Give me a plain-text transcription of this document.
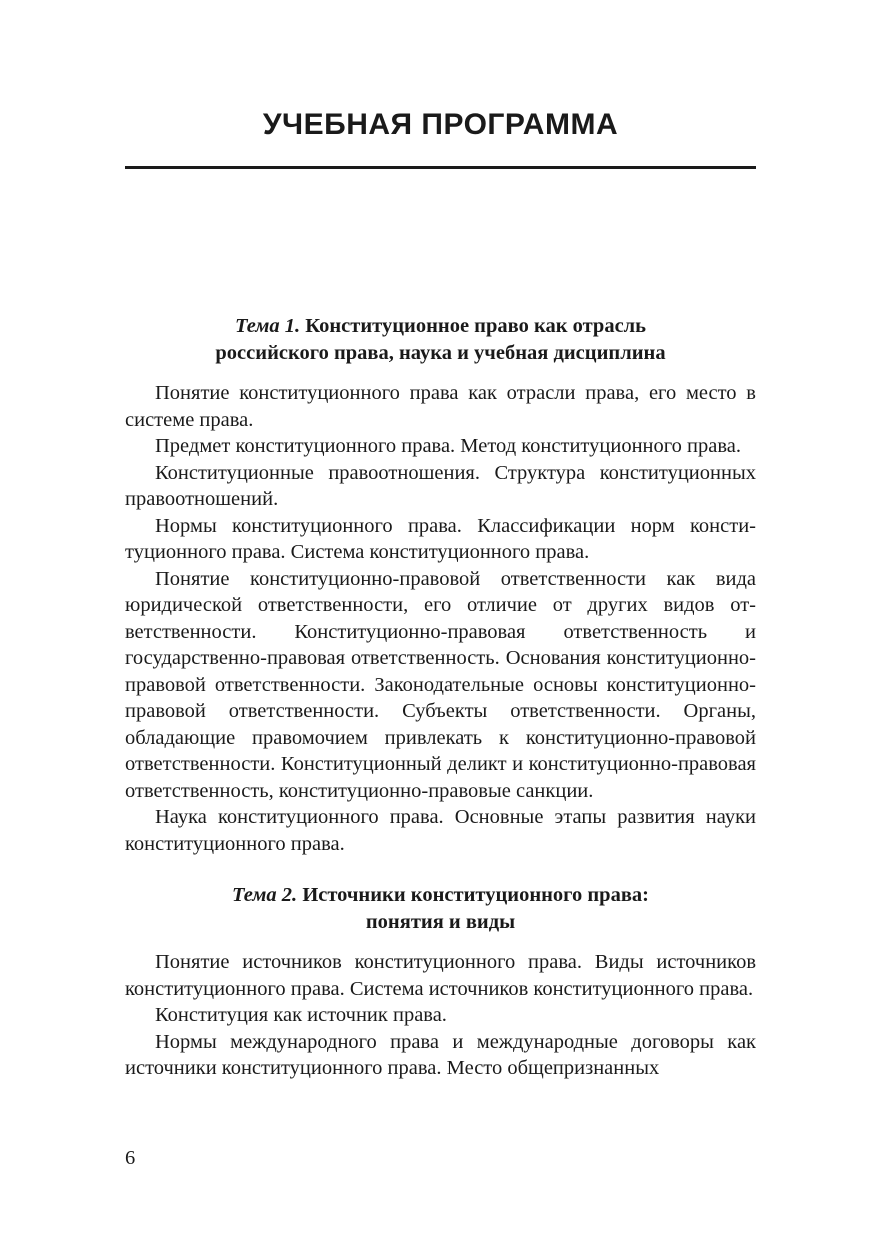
УЧЕБНАЯ ПРОГРАММА
Тема 1. Конституционное право как отрасль
российского права, наука и учебная дисциплина

Понятие конституционного права как отрасли права, его место в системе права.

Предмет конституционного права. Метод конституционного права.

Конституционные правоотношения. Структура конституционных правоотношений.

Нормы конституционного права. Классификации норм конституционного права. Система конституционного права.

Понятие конституционно-правовой ответственности как вида юридической ответственности, его отличие от других видов ответственности. Конституционно-правовая ответственность и государственно-правовая ответственность. Основания конституционно-правовой ответственности. Законодательные основы конституционно-правовой ответственности. Субъекты ответственности. Органы, обладающие правомочием привлекать к конституционно-правовой ответственности. Конституционный деликт и конституционно-правовая ответственность, конституционно-правовые санкции.

Наука конституционного права. Основные этапы развития науки конституционного права.

Тема 2. Источники конституционного права:
понятия и виды

Понятие источников конституционного права. Виды источников конституционного права. Система источников конституционного права.

Конституция как источник права.

Нормы международного права и международные договоры как источники конституционного права. Место общепризнанных

6
